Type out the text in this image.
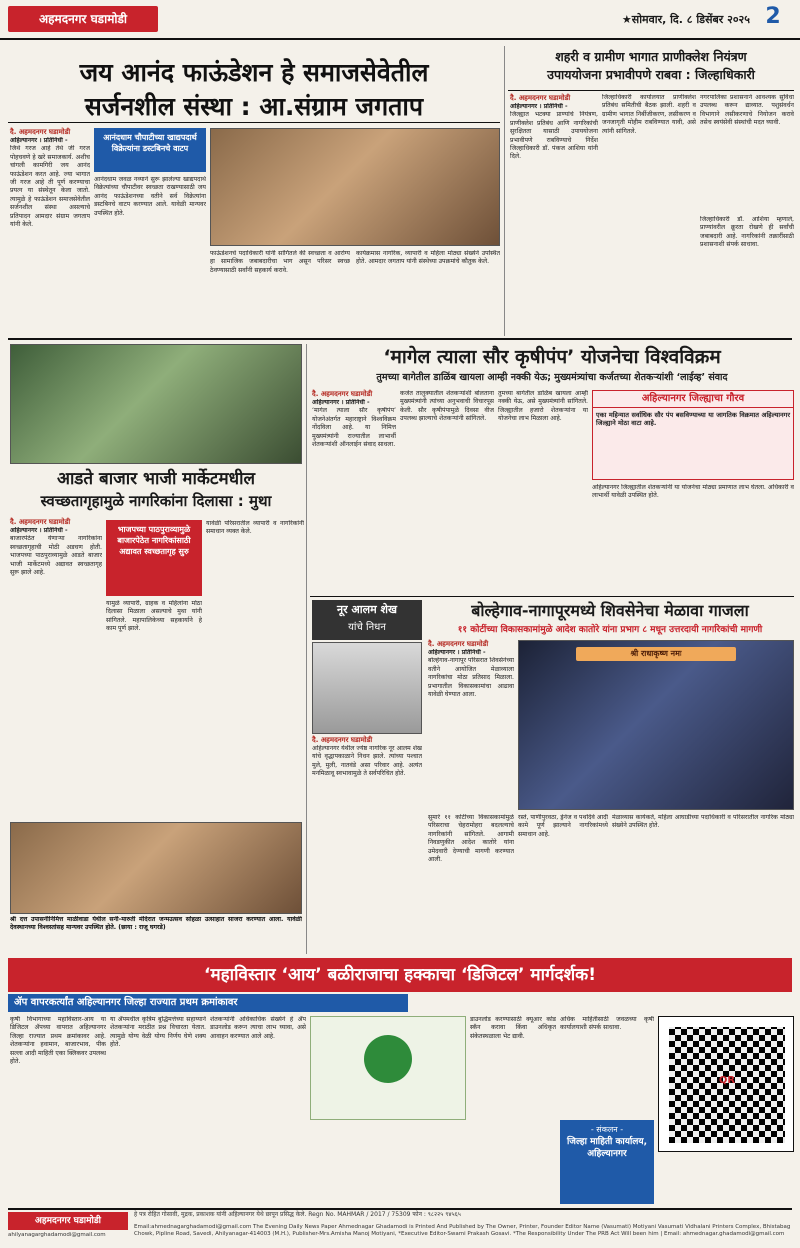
अहमदनगर घडामोडी	★सोमवार, दि. ८ डिसेंबर २०२५ 2
जय आनंद फाऊंडेशन हे समाजसेवेतील
सर्जनशील संस्था : आ.संग्राम जगताप
दै. अहमदनगर घडामोडी
अहिल्यानगर । प्रतिनिधी -
जिथे गरज आहे तेथे जी गरज पोहचवणे हे खरे समाजकार्य. अशीच चांगली कामगिरी जय आनंद फाऊंडेशन करत आहे. ज्या भागात जी गरज आहे ती पूर्ण करण्याचा प्रयत्न या संस्थेतून केला जातो. त्यामुळे हे फाऊंडेशन समाजसेवेतील सर्जनशील संस्था असल्याचे प्रतिपादन आमदार संग्राम जगताप यांनी केले.
आनंदधाम चौपाटीच्या खाद्यपदार्थ विक्रेत्यांना डस्टबिनचे वाटप
आनंदधाम जवळ नव्याने सुरू झालेल्या खाद्यपदार्थ विक्रेत्यांच्या चौपाटीवर स्वच्छता राखण्यासाठी जय आनंद फाऊंडेशनच्या वतीने सर्व विक्रेत्यांना डस्टबिनचे वाटप करण्यात आले. यावेळी मान्यवर उपस्थित होते.
फाऊंडेशनचे पदाधिकारी यांनी सांगितले की स्वच्छता व आरोग्य हा सामाजिक जबाबदारीचा भाग असून परिसर स्वच्छ ठेवण्यासाठी सर्वांनी सहकार्य करावे.
कार्यक्रमास नागरिक, व्यापारी व महिला मोठ्या संख्येने उपस्थित होते. आमदार जगताप यांनी संस्थेच्या उपक्रमांचे कौतुक केले.
शहरी व ग्रामीण भागात प्राणीक्लेश नियंत्रण
उपाययोजना प्रभावीपणे राबवा : जिल्हाधिकारी
दै. अहमदनगर घडामोडी
अहिल्यानगर । प्रतिनिधी -
जिल्ह्यात भटक्या प्राण्यांचे नियंत्रण, प्राणीक्लेश प्रतिबंध आणि नागरिकांची सुरक्षितता यासाठी उपाययोजना प्रभावीपणे राबविण्याचे निर्देश जिल्हाधिकारी डॉ. पंकज आशिया यांनी दिले.
जिल्हाधिकारी कार्यालयात प्राणीक्लेश प्रतिबंध समितीची बैठक झाली. शहरी व ग्रामीण भागात निर्बीजीकरण, लसीकरण व जनजागृती मोहीम राबविण्यात यावी, असे त्यांनी सांगितले.
नगरपालिका प्रशासनाने आवश्यक सुविधा उपलब्ध करून द्याव्यात. पशुसंवर्धन विभागाने लसीकरणाचे नियोजन करावे तसेच स्वयंसेवी संस्थांची मदत घ्यावी.
जिल्हाधिकारी डॉ. आशिया म्हणाले, प्राण्यांवरील क्रूरता रोखणे ही सर्वांची जबाबदारी आहे. नागरिकांनी तक्रारींसाठी प्रशासनाशी संपर्क साधावा.
आडते बाजार भाजी मार्केटमधील
स्वच्छतागृहामुळे नागरिकांना दिलासा : मुथा
दै. अहमदनगर घडामोडी
अहिल्यानगर । प्रतिनिधी -
बाजारपेठेत येणाऱ्या नागरिकांना स्वच्छतागृहाची मोठी अडचण होती. भाजपच्या पाठपुराव्यामुळे आडते बाजार भाजी मार्केटमध्ये अद्यावत स्वच्छतागृह सुरू झाले आहे.
भाजपच्या पाठपुराव्यामुळे बाजारपेठेत नागरिकांसाठी अद्यावत स्वच्छतागृह सुरु
यामुळे व्यापारी, ग्राहक व महिलांना मोठा दिलासा मिळाला असल्याचे मुथा यांनी सांगितले. महापालिकेच्या सहकार्याने हे काम पूर्ण झाले.
यावेळी परिसरातील व्यापारी व नागरिकांनी समाधान व्यक्त केले.
श्री दत्त उपासनीनिमित्त माळीवाडा येथील सनी-मारुती मंदिरात जन्मउत्सव सोहळा उत्साहात साजरा करण्यात आला. यावेळी देवस्थानच्या विश्वस्तांसह मान्यवर उपस्थित होते. (छाया : राजू घगरडे)
‘मागेल त्याला सौर कृषीपंप’ योजनेचा विश्वविक्रम
तुमच्या बागेतील डाळिंब खायला आम्ही नक्की येऊ; मुख्यमंत्र्यांचा कर्जतच्या शेतकऱ्यांशी ‘लाईव्ह’ संवाद
दै. अहमदनगर घडामोडी
अहिल्यानगर । प्रतिनिधी -
‘मागेल त्याला सौर कृषीपंप’ योजनेअंतर्गत महाराष्ट्राने विश्वविक्रम नोंदविला आहे. या निमित्त मुख्यमंत्र्यांनी राज्यातील लाभार्थी शेतकऱ्यांशी ऑनलाईन संवाद साधला.
कर्जत तालुक्यातील शेतकऱ्यांशी बोलताना मुख्यमंत्र्यांनी त्यांच्या अनुभवाची विचारपूस केली. सौर कृषीपंपामुळे दिवसा वीज उपलब्ध झाल्याचे शेतकऱ्यांनी सांगितले.
तुमच्या बागेतील डाळिंब खायला आम्ही नक्की येऊ, असे मुख्यमंत्र्यांनी सांगितले. जिल्ह्यातील हजारो शेतकऱ्यांना या योजनेचा लाभ मिळाला आहे.
अहिल्यानगर जिल्ह्याचा गौरव
एका महिन्यात सर्वाधिक सौर पंप बसविण्याच्या या जागतिक विक्रमात अहिल्यानगर जिल्ह्याने मोठा वाटा आहे.
अहिल्यानगर जिल्ह्यातील शेतकऱ्यांनी या योजनेचा मोठ्या प्रमाणात लाभ घेतला. अधिकारी व लाभार्थी यावेळी उपस्थित होते.
नूर आलम शेख
यांचे निधन
दै. अहमदनगर घडामोडी
अहिल्यानगर येथील ज्येष्ठ नागरिक नूर आलम शेख यांचे वृद्धापकाळाने निधन झाले. त्यांच्या पश्चात मुले, मुली, नातवंडे असा परिवार आहे. अत्यंत मनमिळावू स्वभावामुळे ते सर्वपरिचित होते.
बोल्हेगाव-नागापूरमध्ये शिवसेनेचा मेळावा गाजला
११ कोटींच्या विकासकामांमुळे आदेश कातोरे यांना प्रभाग ८ मधून उत्तरदायी नागरिकांची मागणी
दै. अहमदनगर घडामोडी
अहिल्यानगर । प्रतिनिधी -
बोल्हेगाव-नागापूर परिसरात शिवसेनेच्या वतीने आयोजित मेळाव्याला नागरिकांचा मोठा प्रतिसाद मिळाला. प्रभागातील विकासकामांचा आढावा यावेळी घेण्यात आला.
श्री राधाकृष्ण नमः
सुमारे ११ कोटींच्या विकासकामांमुळे परिसराचा चेहरामोहरा बदलल्याचे नागरिकांनी सांगितले. आगामी निवडणुकीत आदेश कातोरे यांना उमेदवारी देण्याची मागणी करण्यात आली.
रस्ते, पाणीपुरवठा, ड्रेनेज व पथदिवे आदी कामे पूर्ण झाल्याने नागरिकांमध्ये समाधान आहे.
मेळाव्यास कार्यकर्ते, महिला आघाडीच्या पदाधिकारी व परिसरातील नागरिक मोठ्या संख्येने उपस्थित होते.
‘महाविस्तार ‘आय’ बळीराजाचा हक्काचा ‘डिजिटल’ मार्गदर्शक!
ॲप वापरकर्त्यांत अहिल्यानगर जिल्हा राज्यात प्रथम क्रमांकावर
कृषी विभागाच्या महाविस्तार-आय या डिजिटल ॲपच्या वापरात अहिल्यानगर जिल्हा राज्यात प्रथम क्रमांकावर आहे. शेतकऱ्यांना हवामान, बाजारभाव, पीक सल्ला आदी माहिती एका क्लिकवर उपलब्ध होते.
या ॲपमधील कृत्रिम बुद्धिमत्तेच्या सहाय्याने शेतकऱ्यांना मराठीत प्रश्न विचारता येतात. त्यामुळे योग्य वेळी योग्य निर्णय घेणे शक्य होते.
शेतकऱ्यांनी अधिकाधिक संख्येने हे ॲप डाउनलोड करून त्याचा लाभ घ्यावा, असे आवाहन करण्यात आले आहे.
डाउनलोड करण्यासाठी क्यूआर कोड स्कॅन करावा किंवा अधिकृत संकेतस्थळाला भेट द्यावी.
अधिक माहितीसाठी जवळच्या कृषी कार्यालयाशी संपर्क साधावा.
- संकलन -
जिल्हा माहिती कार्यालय, अहिल्यानगर
QR
अहमदनगर घडामोडी
ahilyanagarghadamodi@gmail.com
हे पत्र रोहित गोसावी, मुद्रक, प्रकाशक यांनी अहिल्यानगर येथे छापून प्रसिद्ध केले. Regn No. MAHMAR / 2017 / 75309 फोन : ९८२२५ ९४५६५
Email:ahmednagarghadamodi@gmail.com The Evening Daily News Paper Ahmednagar Ghadamodi is Printed And Published by The Owner, Printer, Founder Editor Name (Vasumati) Motiyani Vasumati Vidhalani Printers Complex, Bhistabag Chowk, Pipline Road, Savedi, Ahilyanagar-414003 (M.H.), Publisher-Mrs.Amisha Manoj Motiyani, *Executive Editor-Swami Prakash Gosavi. *The Responsibility Under The PRB Act Will been him | Email: ahmednagar.ghadamodi@gmail.com
